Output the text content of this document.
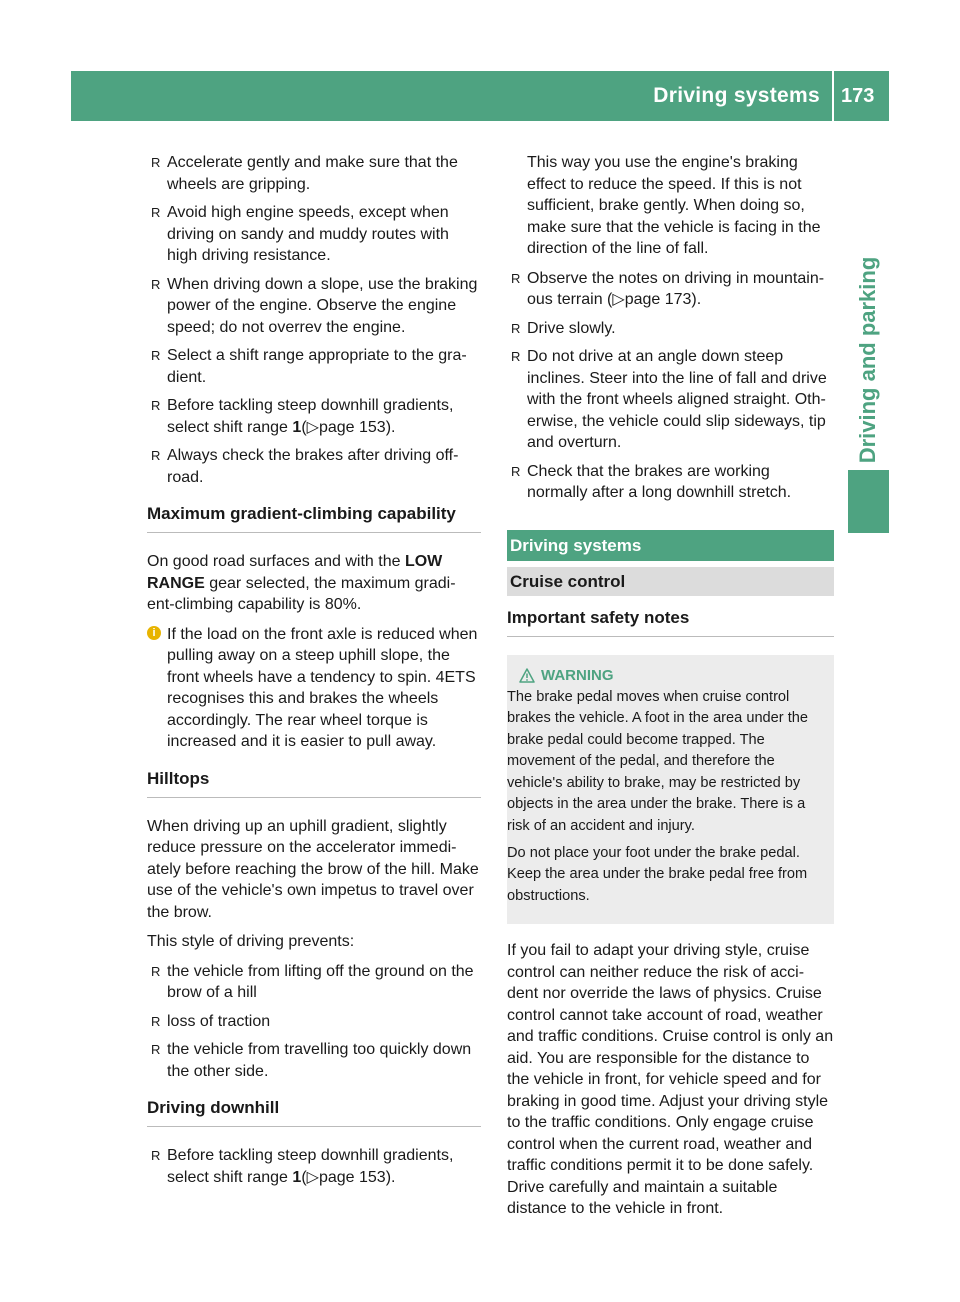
Driving systems 173
Driving and parking
R Accelerate gently and make sure that the wheels are gripping.
R Avoid high engine speeds, except when driving on sandy and muddy routes with high driving resistance.
R When driving down a slope, use the braking power of the engine. Observe the engine speed; do not overrev the engine.
R Select a shift range appropriate to the gra-dient.
R Before tackling steep downhill gradients, select shift range 1(▷page 153).
R Always check the brakes after driving off-road.
Maximum gradient-climbing capability
On good road surfaces and with the LOW RANGE gear selected, the maximum gradi-ent-climbing capability is 80%.
i If the load on the front axle is reduced when pulling away on a steep uphill slope, the front wheels have a tendency to spin. 4ETS recognises this and brakes the wheels accordingly. The rear wheel torque is increased and it is easier to pull away.
Hilltops
When driving up an uphill gradient, slightly reduce pressure on the accelerator immedi-ately before reaching the brow of the hill. Make use of the vehicle's own impetus to travel over the brow.
This style of driving prevents:
R the vehicle from lifting off the ground on the brow of a hill
R loss of traction
R the vehicle from travelling too quickly down the other side.
Driving downhill
R Before tackling steep downhill gradients, select shift range 1(▷page 153).
This way you use the engine's braking effect to reduce the speed. If this is not sufficient, brake gently. When doing so, make sure that the vehicle is facing in the direction of the line of fall.
R Observe the notes on driving in mountain-ous terrain (▷page 173).
R Drive slowly.
R Do not drive at an angle down steep inclines. Steer into the line of fall and drive with the front wheels aligned straight. Oth-erwise, the vehicle could slip sideways, tip and overturn.
R Check that the brakes are working normally after a long downhill stretch.
Driving systems
Cruise control
Important safety notes
WARNING
The brake pedal moves when cruise control brakes the vehicle. A foot in the area under the brake pedal could become trapped. The movement of the pedal, and therefore the vehicle's ability to brake, may be restricted by objects in the area under the brake. There is a risk of an accident and injury.
Do not place your foot under the brake pedal. Keep the area under the brake pedal free from obstructions.
If you fail to adapt your driving style, cruise control can neither reduce the risk of acci-dent nor override the laws of physics. Cruise control cannot take account of road, weather and traffic conditions. Cruise control is only an aid. You are responsible for the distance to the vehicle in front, for vehicle speed and for braking in good time. Adjust your driving style to the traffic conditions. Only engage cruise control when the current road, weather and traffic conditions permit it to be done safely. Drive carefully and maintain a suitable distance to the vehicle in front.
